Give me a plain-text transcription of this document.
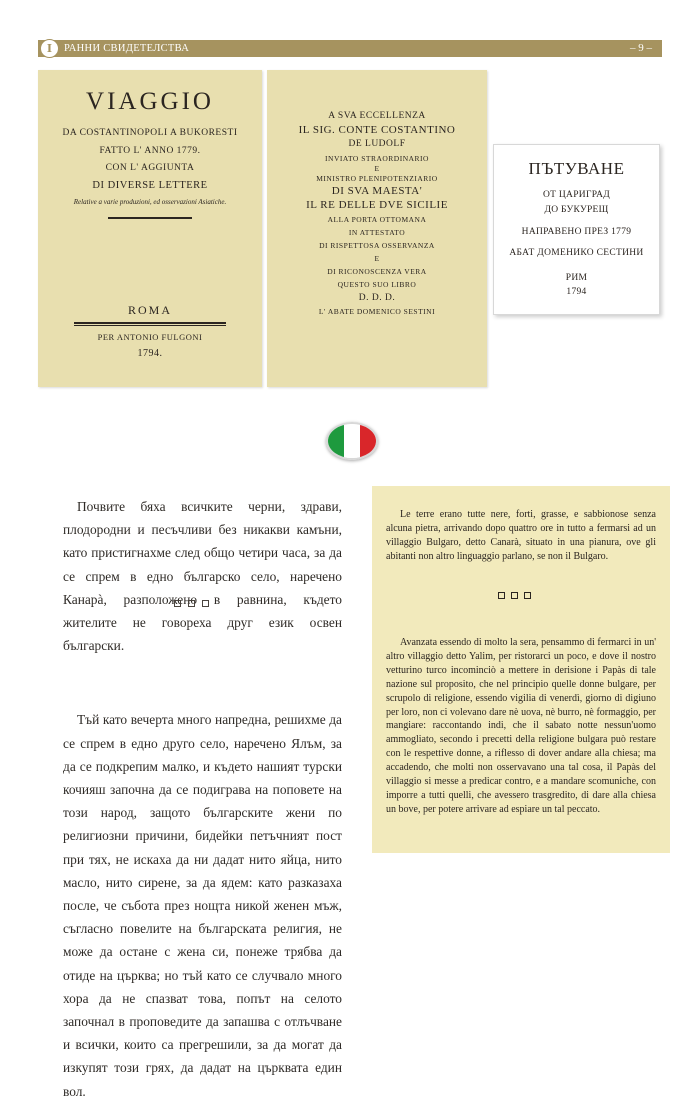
I	РАННИ СВИДЕТЕЛСТВА	– 9 –
VIAGGIO
DA COSTANTINOPOLI A BUKORESTI
FATTO L' ANNO 1779.
CON L' AGGIUNTA
DI DIVERSE LETTERE
Relative a varie produzioni, ed osservazioni Asiatiche.
ROMA
PER ANTONIO FULGONI
1794.
A SVA ECCELLENZA
IL SIG. CONTE COSTANTINO
DE LUDOLF
INVIATO STRAORDINARIO
E
MINISTRO PLENIPOTENZIARIO
DI SVA MAESTA'
IL RE DELLE DVE SICILIE
ALLA PORTA OTTOMANA
IN ATTESTATO
DI RISPETTOSA OSSERVANZA
E
DI RICONOSCENZA VERA
QUESTO SUO LIBRO
D. D. D.
L' ABATE DOMENICO SESTINI
ПЪТУВАНЕ
ОТ ЦАРИГРАД
ДО БУКУРЕЩ
НАПРАВЕНО ПРЕЗ 1779
АБАТ ДОМЕНИКО СЕСТИНИ
РИМ
1794

Почвите бяха всичките черни, здрави, плодородни и песъчливи без никакви камъни, като пристигнахме след общо четири часа, за да се спрем в едно българско село, наречено Канарà, разположено в равнина, където жителите не говореха друг език освен български.

Тъй като вечерта много напредна, решихме да се спрем в едно друго село, наречено Ялъм, за да се подкрепим малко, и където нашият турски кочияш започна да се подиграва на поповете на този народ, защото българските жени по религиозни причини, бидейки петъчният пост при тях, не искаха да ни дадат нито яйца, нито масло, нито сирене, за да ядем: като разказаха после, че събота през нощта никой женен мъж, съгласно повелите на българската религия, не може да остане с жена си, понеже трябва да отиде на църква; но тъй като се случвало много хора да не спазват това, попът на селото започнал в проповедите да запашва с отлъчване и всички, които са прегрешили, за да могат да изкупят този грях, да дадат на църквата един вол.

Le terre erano tutte nere, forti, grasse, e sabbionose senza alcuna pietra, arrivando dopo quattro ore in tutto a fermarsi ad un villaggio Bulgaro, detto Canarà, situato in una pianura, ove gli abitanti non altro linguaggio parlano, se non il Bulgaro.

Avanzata essendo di molto la sera, pensammo di fermarci in un' altro villaggio detto Yalim, per ristorarci un poco, e dove il nostro vetturino turco incominciò a mettere in derisione i Papàs di tale nazione sul proposito, che nel principio quelle donne bulgare, per scrupolo di religione, essendo vigilia di venerdì, giorno di digiuno per loro, non ci volevano dare nè uova, nè burro, nè formaggio, per mangiare: raccontando indi, che il sabato notte nessun'uomo ammogliato, secondo i precetti della religione bulgara può restare con le respettive donne, a riflesso di dover andare alla chiesa; ma accadendo, che molti non osservavano una tal cosa, il Papàs del villaggio si messe a predicar contro, e a mandare scomuniche, con imporre a tutti quelli, che avessero trasgredito, di dare alla chiesa un bove, per potere arrivare ad espiare un tal peccato.
